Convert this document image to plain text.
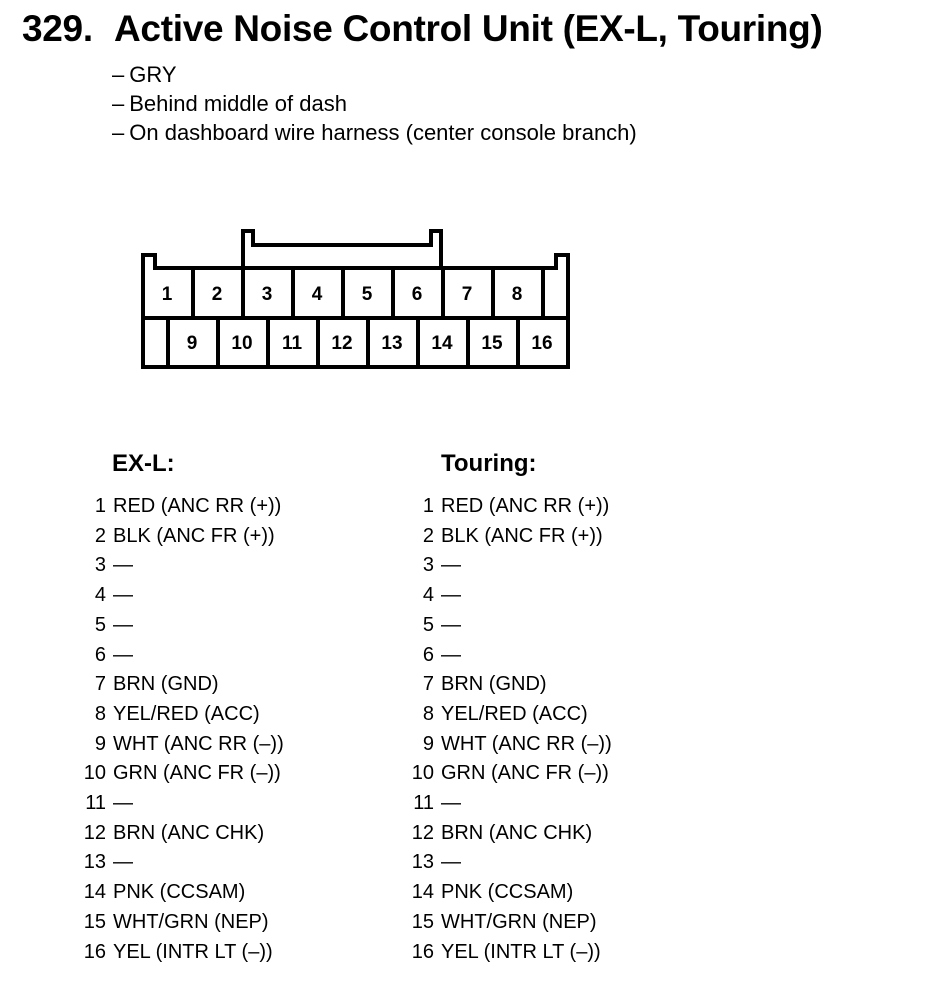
329. Active Noise Control Unit (EX-L, Touring)
– GRY
– Behind middle of dash
– On dashboard wire harness (center console branch)
1 2 3 4 5 6 7 8
9 10 11 12 13 14 15 16
EX-L:
1 RED (ANC RR (+))
2 BLK (ANC FR (+))
3 —
4 —
5 —
6 —
7 BRN (GND)
8 YEL/RED (ACC)
9 WHT (ANC RR (–))
10 GRN (ANC FR (–))
11 —
12 BRN (ANC CHK)
13 —
14 PNK (CCSAM)
15 WHT/GRN (NEP)
16 YEL (INTR LT (–))
Touring:
1 RED (ANC RR (+))
2 BLK (ANC FR (+))
3 —
4 —
5 —
6 —
7 BRN (GND)
8 YEL/RED (ACC)
9 WHT (ANC RR (–))
10 GRN (ANC FR (–))
11 —
12 BRN (ANC CHK)
13 —
14 PNK (CCSAM)
15 WHT/GRN (NEP)
16 YEL (INTR LT (–))
